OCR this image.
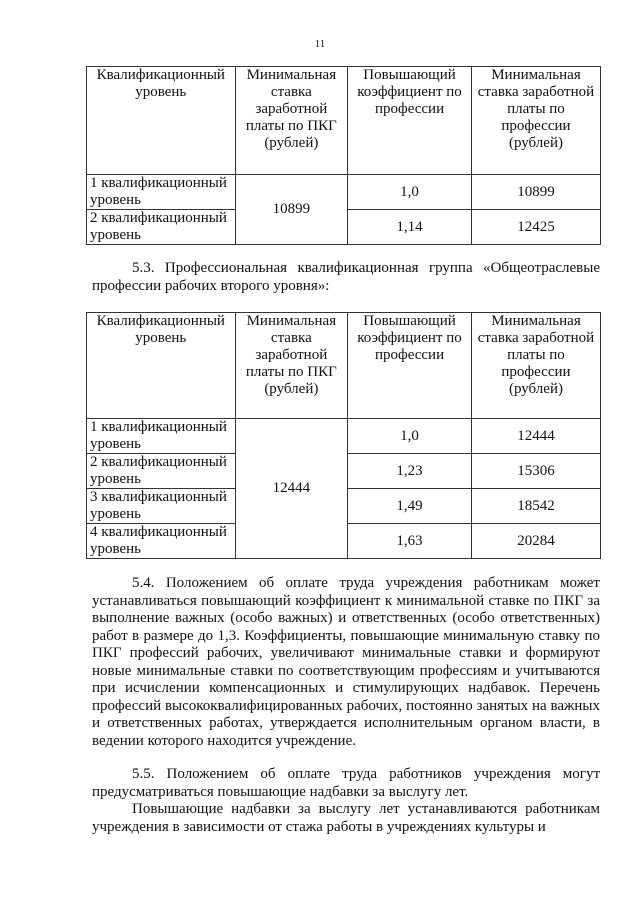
11
Квалификационный уровень	Минимальная ставка заработной платы по ПКГ (рублей)	Повышающий коэффициент по профессии	Минимальная ставка заработной платы по профессии (рублей)
1 квалификационный уровень	10899	1,0	10899
2 квалификационный уровень		1,14	12425

5.3. Профессиональная квалификационная группа «Общеотраслевые профессии рабочих второго уровня»:

Квалификационный уровень	Минимальная ставка заработной платы по ПКГ (рублей)	Повышающий коэффициент по профессии	Минимальная ставка заработной платы по профессии (рублей)
1 квалификационный уровень	12444	1,0	12444
2 квалификационный уровень		1,23	15306
3 квалификационный уровень		1,49	18542
4 квалификационный уровень		1,63	20284

5.4. Положением об оплате труда учреждения работникам может устанавливаться повышающий коэффициент к минимальной ставке по ПКГ за выполнение важных (особо важных) и ответственных (особо ответственных) работ в размере до 1,3. Коэффициенты, повышающие минимальную ставку по ПКГ профессий рабочих, увеличивают минимальные ставки и формируют новые минимальные ставки по соответствующим профессиям и учитываются при исчислении компенсационных и стимулирующих надбавок. Перечень профессий высококвалифицированных рабочих, постоянно занятых на важных и ответственных работах, утверждается исполнительным органом власти, в ведении которого находится учреждение.

5.5. Положением об оплате труда работников учреждения могут предусматриваться повышающие надбавки за выслугу лет.

Повышающие надбавки за выслугу лет устанавливаются работникам учреждения в зависимости от стажа работы в учреждениях культуры и
